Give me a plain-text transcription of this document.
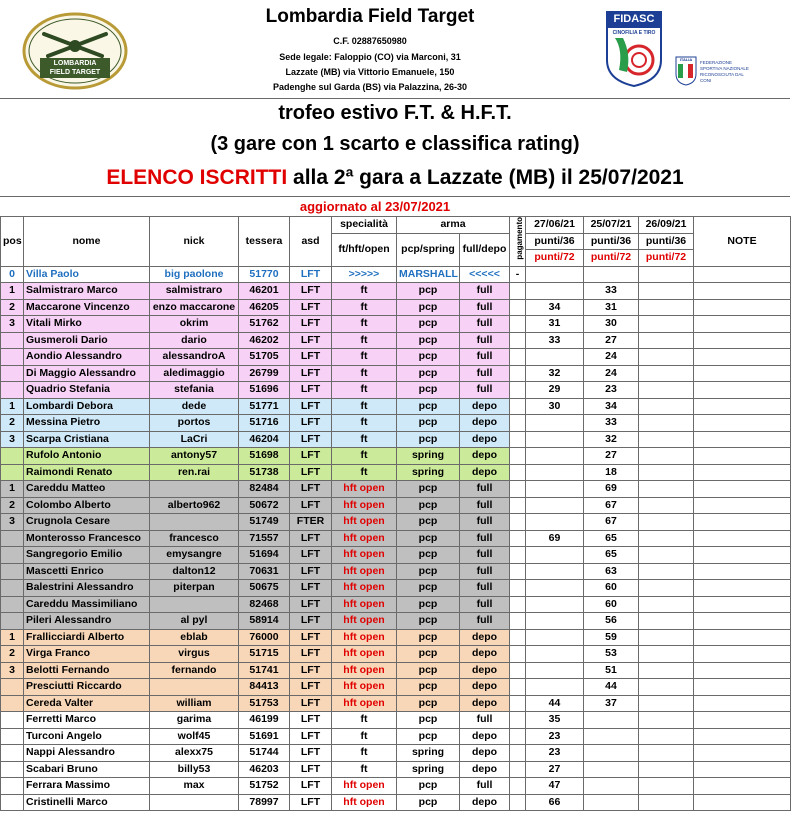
LOMBARDIA
FIELD TARGET
Lombardia Field Target
C.F. 02887650980
Sede legale: Faloppio (CO) via Marconi, 31
Lazzate (MB) via Vittorio Emanuele, 150
Padenghe sul Garda (BS) via Palazzina, 26-30
FIDASC
CINOFILIA E TIRO
ITALIA
FEDERAZIONE SPORTIVA NAZIONALE RICONOSCIUTA DAL CONI
trofeo estivo F.T. & H.F.T.
(3 gare con 1 scarto e classifica rating)
ELENCO ISCRITTI alla 2ª gara a Lazzate (MB) il 25/07/2021
aggiornato al 23/07/2021
pos	nome	nick	tessera	asd	specialità	arma		pagamento	27/06/21	25/07/21	26/09/21	NOTE
					ft/hft/open	pcp/spring	full/depo		punti/36	punti/36	punti/36	
									punti/72	punti/72	punti/72	
0	Villa Paolo	big paolone	51770	LFT	>>>>>	MARSHALL	<<<<<	-				
1	Salmistraro Marco	salmistraro	46201	LFT	ft	pcp	full			33		
2	Maccarone Vincenzo	enzo maccarone	46205	LFT	ft	pcp	full		34	31		
3	Vitali Mirko	okrim	51762	LFT	ft	pcp	full		31	30		
	Gusmeroli Dario	dario	46202	LFT	ft	pcp	full		33	27		
	Aondio Alessandro	alessandroA	51705	LFT	ft	pcp	full			24		
	Di Maggio Alessandro	aledimaggio	26799	LFT	ft	pcp	full		32	24		
	Quadrio Stefania	stefania	51696	LFT	ft	pcp	full		29	23		
1	Lombardi Debora	dede	51771	LFT	ft	pcp	depo		30	34		
2	Messina Pietro	portos	51716	LFT	ft	pcp	depo			33		
3	Scarpa Cristiana	LaCri	46204	LFT	ft	pcp	depo			32		
	Rufolo Antonio	antony57	51698	LFT	ft	spring	depo			27		
	Raimondi Renato	ren.rai	51738	LFT	ft	spring	depo			18		
1	Careddu Matteo		82484	LFT	hft open	pcp	full			69		
2	Colombo Alberto	alberto962	50672	LFT	hft open	pcp	full			67		
3	Crugnola Cesare		51749	FTER	hft open	pcp	full			67		
	Monterosso Francesco	francesco	71557	LFT	hft open	pcp	full		69	65		
	Sangregorio Emilio	emysangre	51694	LFT	hft open	pcp	full			65		
	Mascetti Enrico	dalton12	70631	LFT	hft open	pcp	full			63		
	Balestrini Alessandro	piterpan	50675	LFT	hft open	pcp	full			60		
	Careddu Massimiliano		82468	LFT	hft open	pcp	full			60		
	Pileri Alessandro	al pyl	58914	LFT	hft open	pcp	full			56		
1	Frallicciardi Alberto	eblab	76000	LFT	hft open	pcp	depo			59		
2	Virga Franco	virgus	51715	LFT	hft open	pcp	depo			53		
3	Belotti Fernando	fernando	51741	LFT	hft open	pcp	depo			51		
	Presciutti Riccardo		84413	LFT	hft open	pcp	depo			44		
	Cereda Valter	william	51753	LFT	hft open	pcp	depo		44	37		
	Ferretti Marco	garima	46199	LFT	ft	pcp	full		35			
	Turconi Angelo	wolf45	51691	LFT	ft	pcp	depo		23			
	Nappi Alessandro	alexx75	51744	LFT	ft	spring	depo		23			
	Scabari Bruno	billy53	46203	LFT	ft	spring	depo		27			
	Ferrara Massimo	max	51752	LFT	hft open	pcp	full		47			
	Cristinelli Marco		78997	LFT	hft open	pcp	depo		66			
